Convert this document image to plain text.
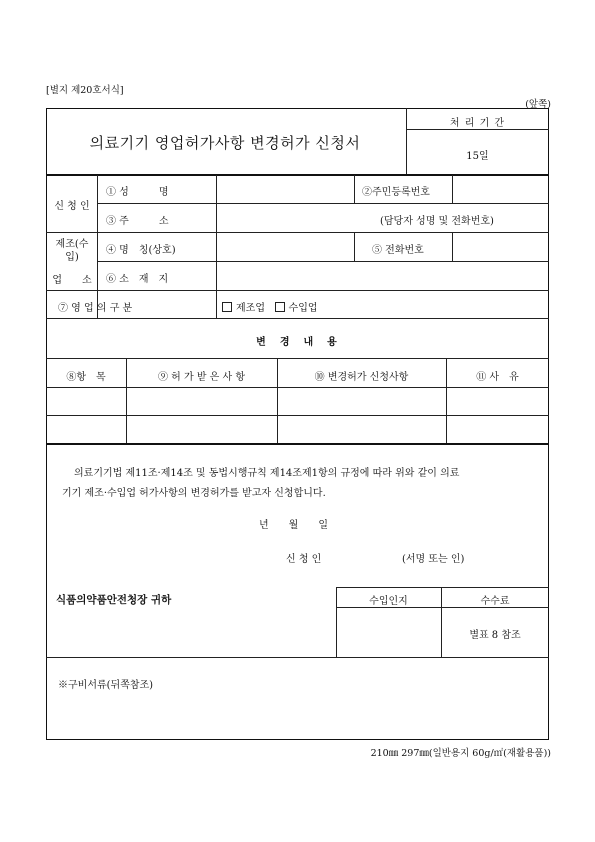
[별지 제20호서식]
(앞쪽)
의료기기 영업허가사항 변경허가 신청서
처 리 기 간
15일
신 청 인
① 성　　　명	②주민등록번호
③ 주　　　소	(담당자 성명 및 전화번호)
제조(수입)
업　　소
④ 명　칭(상호)	⑤ 전화번호
⑥ 소　재　지
⑦ 영 업 의 구 분	제조업 수입업
변　경　내　용
⑧항　목	⑨ 허 가 받 은 사 항	⑩ 변경허가 신청사항	⑪ 사　유
의료기기법 제11조·제14조 및 동법시행규칙 제14조제1항의 규정에 따라 위와 같이 의료
기기 제조·수입업 허가사항의 변경허가를 받고자 신청합니다.
년　　월　　일
신 청 인	(서명 또는 인)
식품의약품안전청장 귀하	수입인지	수수료
별표 8 참조
※구비서류(뒤쪽참조)
210㎜ 297㎜(일반용지 60g/㎡(재활용품))
